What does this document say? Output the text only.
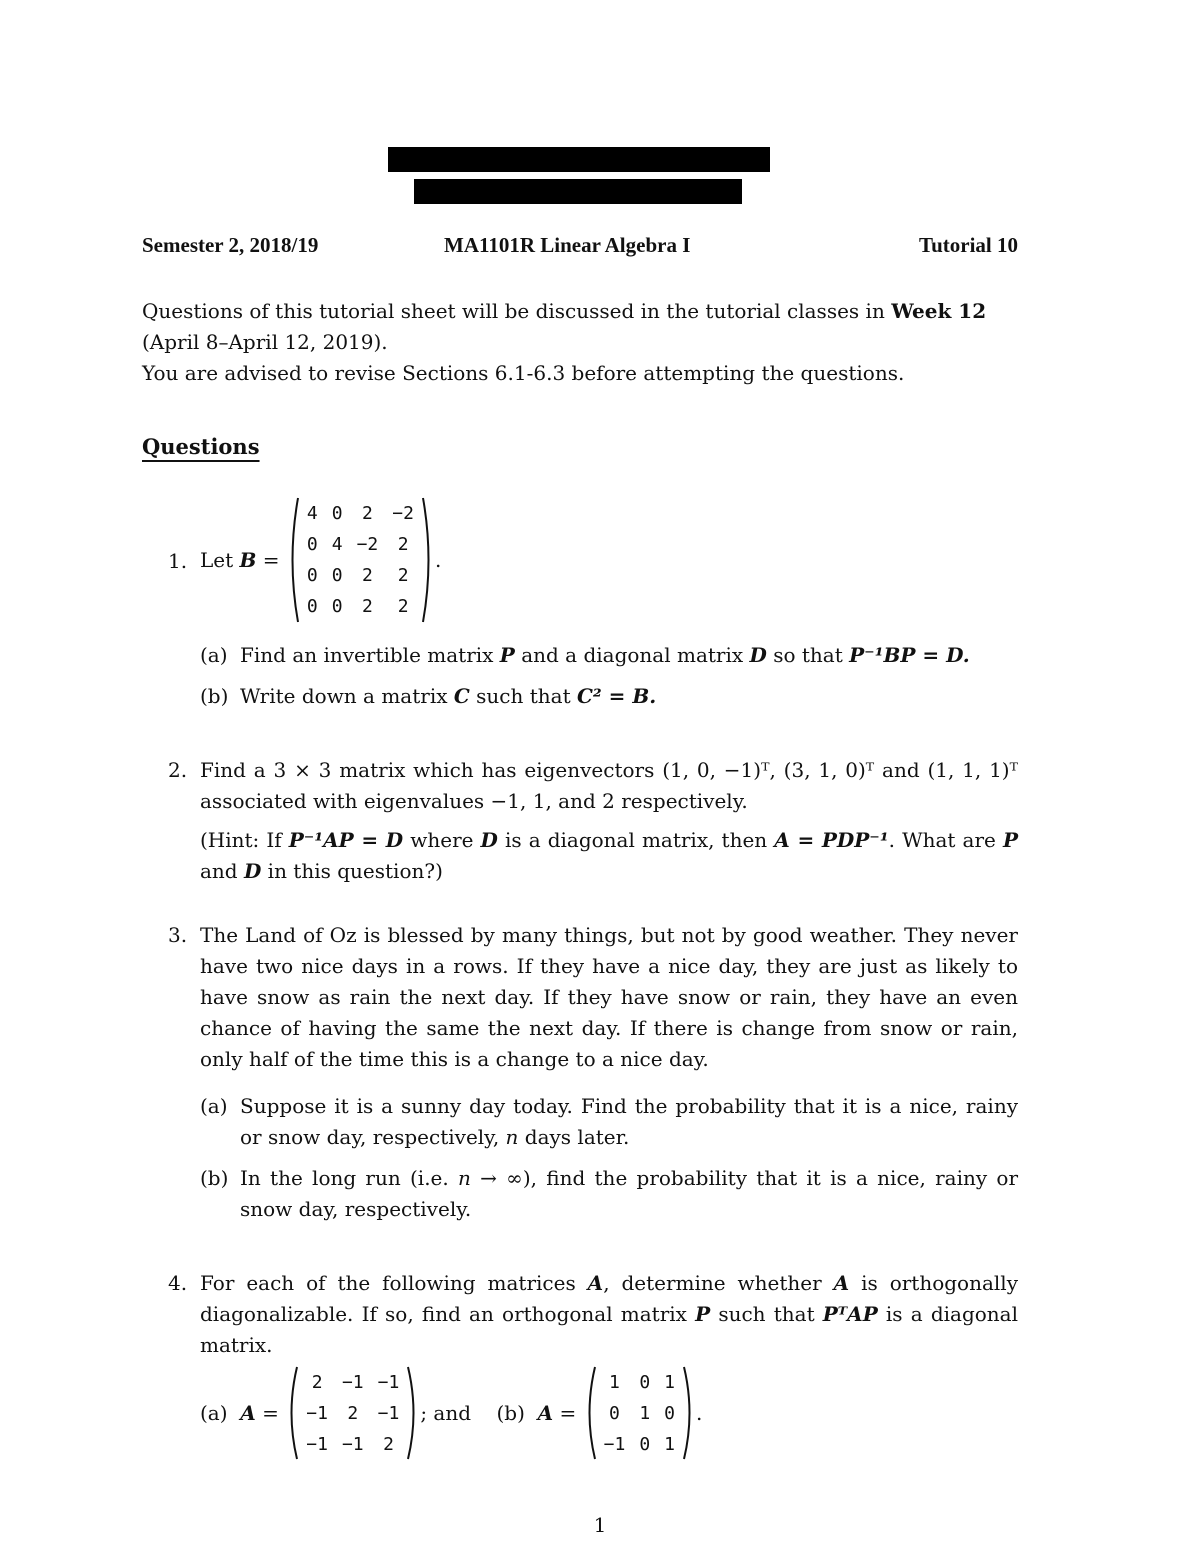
Semester 2, 2018/19	MA1101R Linear Algebra I	Tutorial 10

Questions of this tutorial sheet will be discussed in the tutorial classes in Week 12

(April 8–April 12, 2019).

You are advised to revise Sections 6.1-6.3 before attempting the questions.

Questions
1. Let
B =
4	0	2	−2
0	4	−2	2
0	0	2	2
0	0	2	2
.
(a) Find an invertible matrix P and a diagonal matrix D so that P⁻¹BP = D.
(b) Write down a matrix C such that C² = B.
2. Find a 3 × 3 matrix which has eigenvectors (1, 0, −1)ᵀ, (3, 1, 0)ᵀ and (1, 1, 1)ᵀ associated with eigenvalues −1, 1, and 2 respectively.
(Hint: If P⁻¹AP = D where D is a diagonal matrix, then A = PDP⁻¹. What are P and D in this question?)
3. The Land of Oz is blessed by many things, but not by good weather. They never have two nice days in a rows. If they have a nice day, they are just as likely to have snow as rain the next day. If they have snow or rain, they have an even chance of having the same the next day. If there is change from snow or rain, only half of the time this is a change to a nice day.
(a) Suppose it is a sunny day today. Find the probability that it is a nice, rainy or snow day, respectively, n days later.
(b) In the long run (i.e. n → ∞), find the probability that it is a nice, rainy or snow day, respectively.
4. For each of the following matrices A, determine whether A is orthogonally diagonalizable. If so, find an orthogonal matrix P such that PᵀAP is a diagonal matrix.
(a)
A =
2	−1	−1
−1	2	−1
−1	−1	2
; and
(b)
A =
1	0	1
0	1	0
−1	0	1
.
1
